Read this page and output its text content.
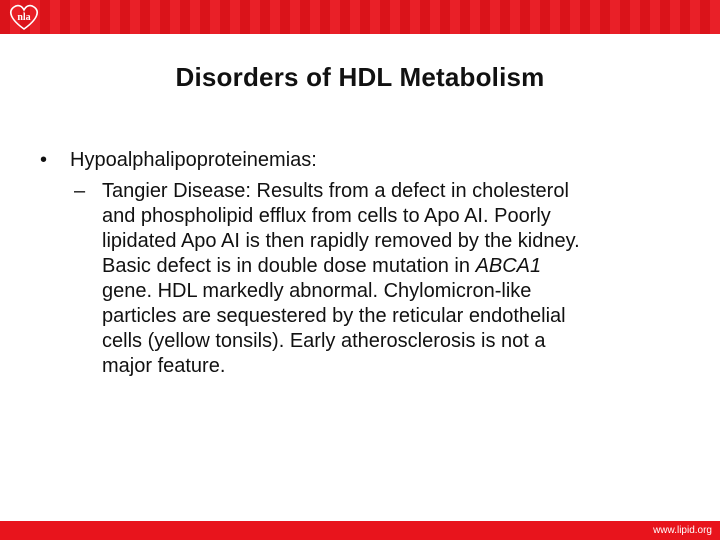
nla
Disorders of HDL Metabolism
• Hypoalphalipoproteinemias:
– Tangier Disease: Results from a defect in cholesterol
and phospholipid efflux from cells to Apo AI. Poorly
lipidated Apo AI is then rapidly removed by the kidney.
Basic defect is in double dose mutation in ABCA1
gene. HDL markedly abnormal. Chylomicron-like
particles are sequestered by the reticular endothelial
cells (yellow tonsils). Early atherosclerosis is not a
major feature.
www.lipid.org
